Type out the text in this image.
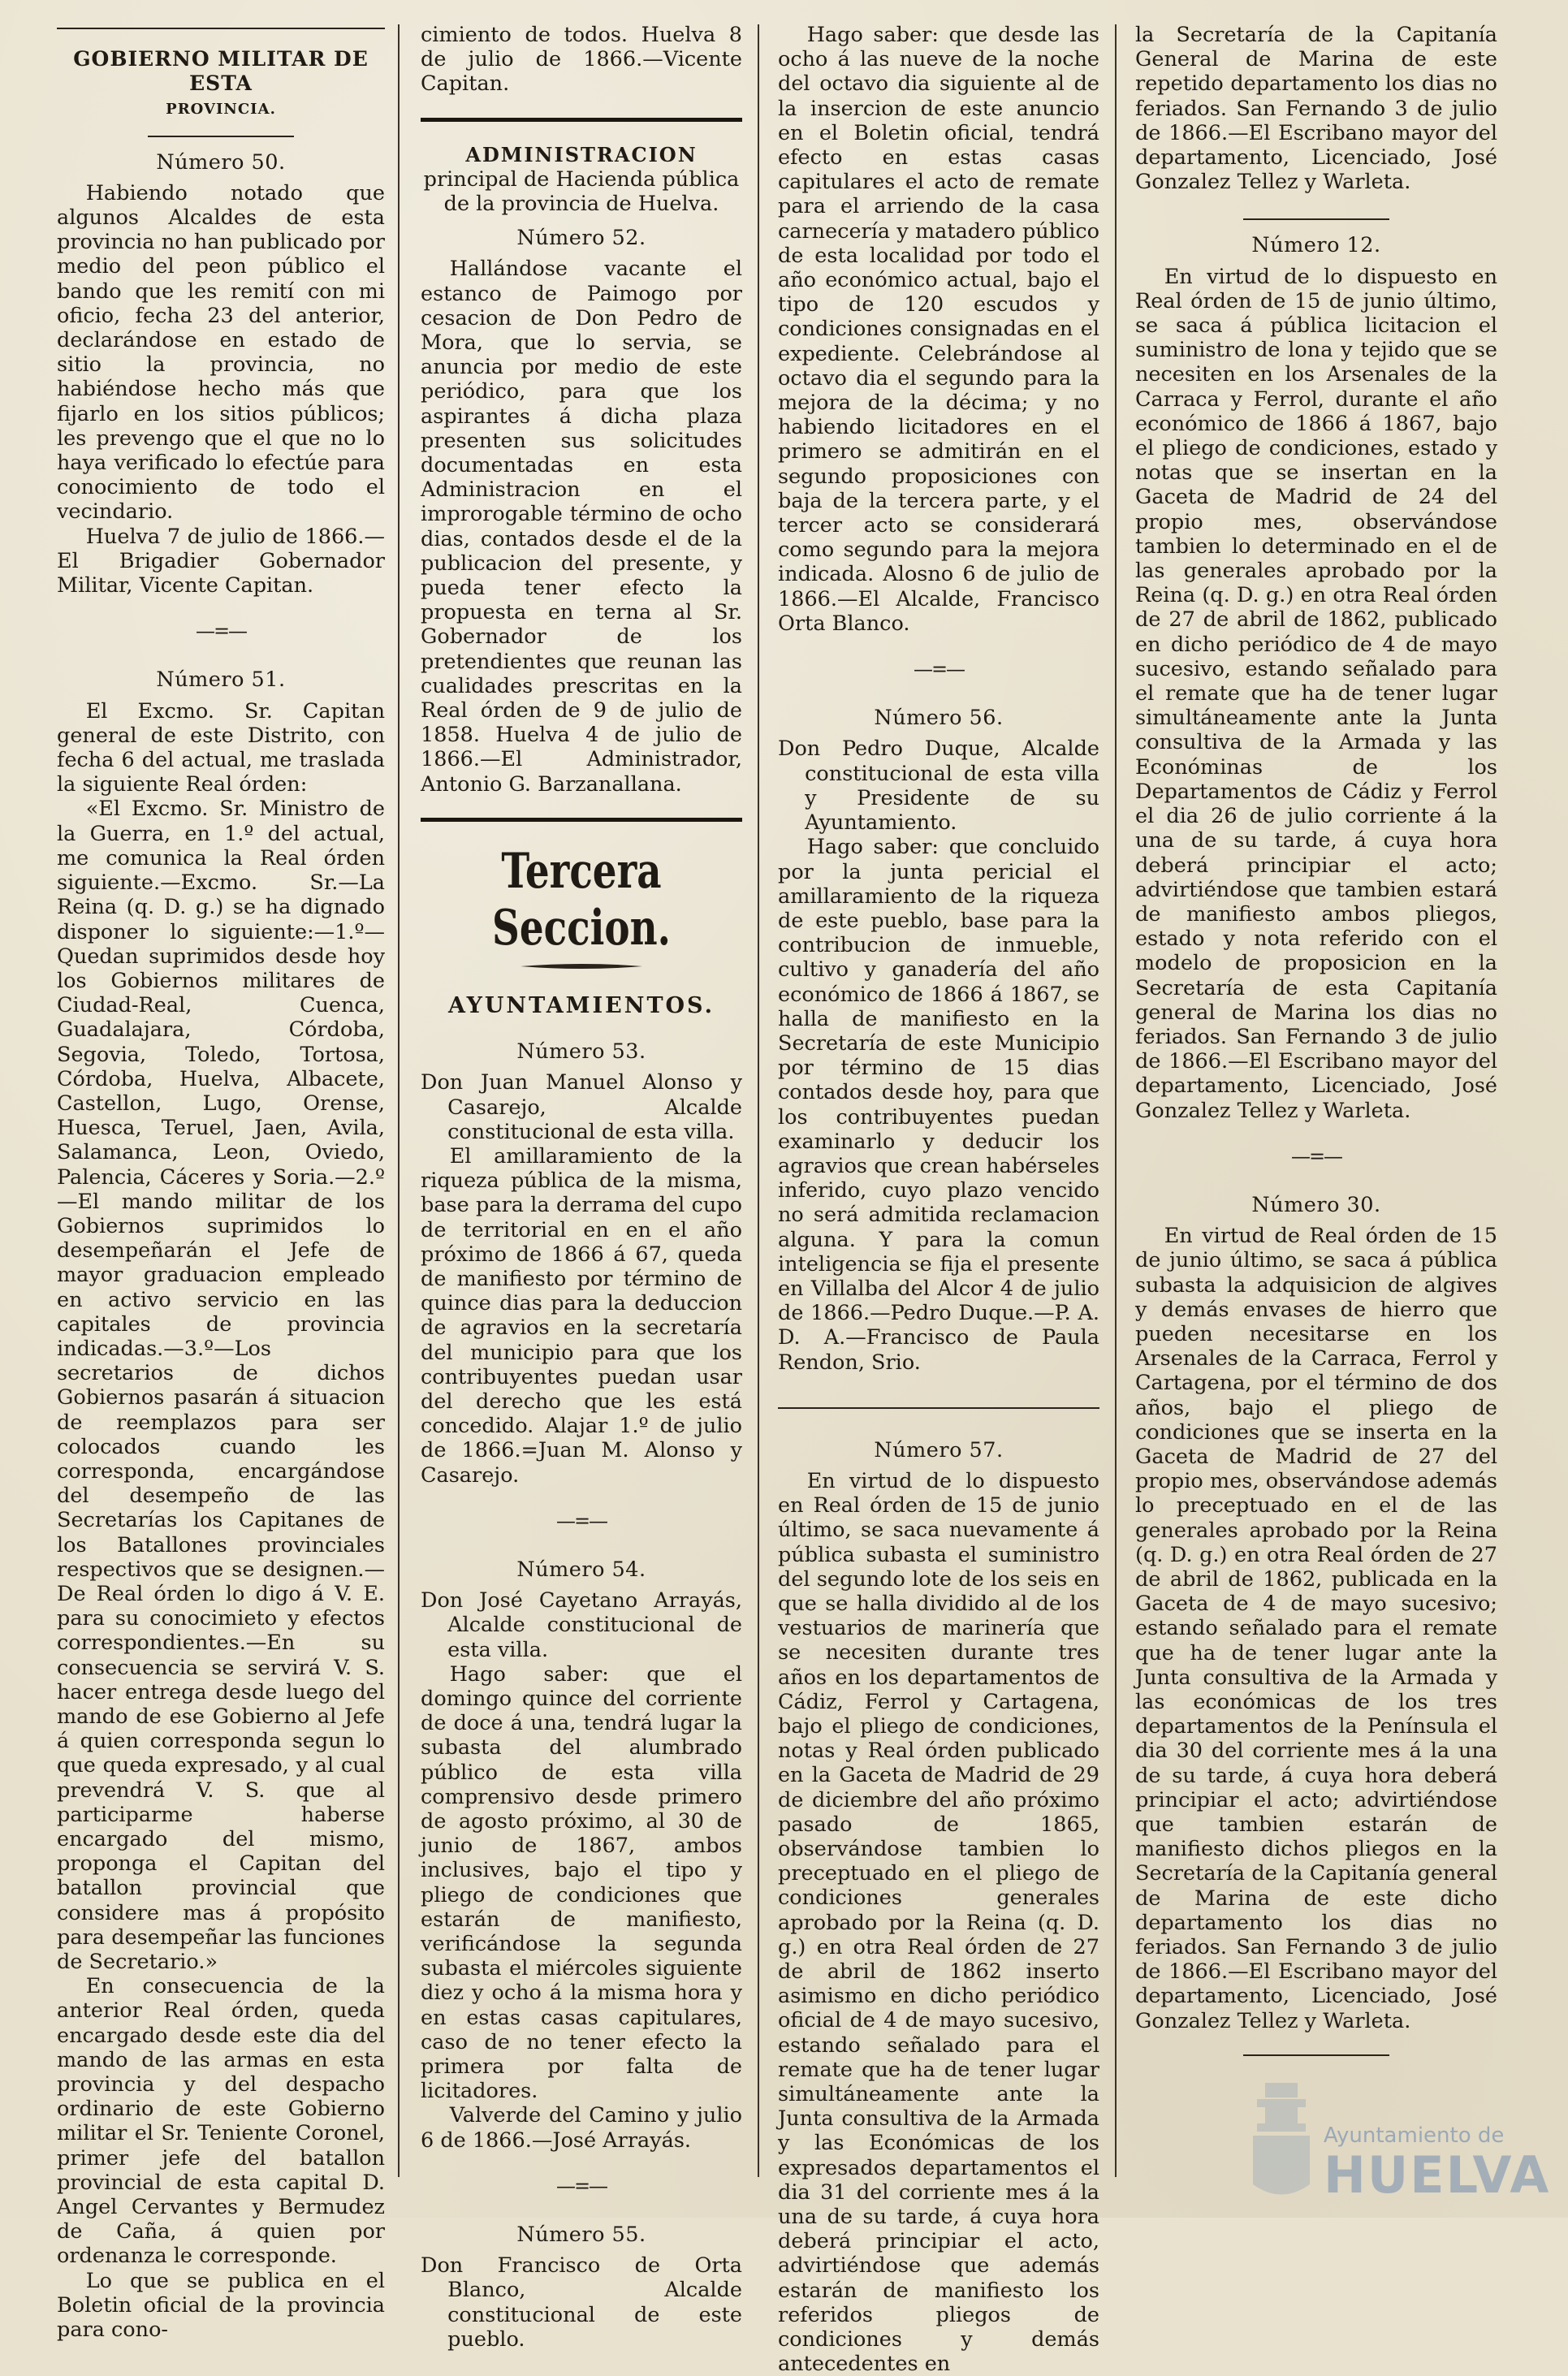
GOBIERNO MILITAR DE ESTA
PROVINCIA.

Número 50.

Habiendo notado que algunos Alcaldes de esta provincia no han publicado por medio del peon público el bando que les remití con mi oficio, fecha 23 del anterior, declarándose en estado de sitio la provincia, no habiéndose hecho más que fijarlo en los sitios públicos; les prevengo que el que no lo haya verificado lo efectúe para conocimiento de todo el vecindario.

Huelva 7 de julio de 1866.—El Brigadier Gobernador Militar, Vicente Capitan.

—=—

Número 51.

El Excmo. Sr. Capitan general de este Distrito, con fecha 6 del actual, me traslada la siguiente Real órden:

«El Excmo. Sr. Ministro de la Guerra, en 1.º del actual, me comunica la Real órden siguiente.—Excmo. Sr.—La Reina (q. D. g.) se ha dignado disponer lo siguiente:—1.º—Quedan suprimidos desde hoy los Gobiernos militares de Ciudad-Real, Cuenca, Guadalajara, Córdoba, Segovia, Toledo, Tortosa, Córdoba, Huelva, Albacete, Castellon, Lugo, Orense, Huesca, Teruel, Jaen, Avila, Salamanca, Leon, Oviedo, Palencia, Cáceres y Soria.—2.º—El mando militar de los Gobiernos suprimidos lo desempeñarán el Jefe de mayor graduacion empleado en activo servicio en las capitales de provincia indicadas.—3.º—Los secretarios de dichos Gobiernos pasarán á situacion de reemplazos para ser colocados cuando les corresponda, encargándose del desempeño de las Secretarías los Capitanes de los Batallones provinciales respectivos que se designen.—De Real órden lo digo á V. E. para su conocimieto y efectos correspondientes.—En su consecuencia se servirá V. S. hacer entrega desde luego del mando de ese Gobierno al Jefe á quien corresponda segun lo que queda expresado, y al cual prevendrá V. S. que al participarme haberse encargado del mismo, proponga el Capitan del batallon provincial que considere mas á propósito para desempeñar las funciones de Secretario.»

En consecuencia de la anterior Real órden, queda encargado desde este dia del mando de las armas en esta provincia y del despacho ordinario de este Gobierno militar el Sr. Teniente Coronel, primer jefe del batallon provincial de esta capital D. Angel Cervantes y Bermudez de Caña, á quien por ordenanza le corresponde.

Lo que se publica en el Boletin oficial de la provincia para cono-

cimiento de todos. Huelva 8 de julio de 1866.—Vicente Capitan.

ADMINISTRACION

principal de Hacienda pública de la provincia de Huelva.

Número 52.

Hallándose vacante el estanco de Paimogo por cesacion de Don Pedro de Mora, que lo servia, se anuncia por medio de este periódico, para que los aspirantes á dicha plaza presenten sus solicitudes documentadas en esta Administracion en el improrogable término de ocho dias, contados desde el de la publicacion del presente, y pueda tener efecto la propuesta en terna al Sr. Gobernador de los pretendientes que reunan las cualidades prescritas en la Real órden de 9 de julio de 1858. Huelva 4 de julio de 1866.—El Administrador, Antonio G. Barzanallana.

Tercera Seccion.
AYUNTAMIENTOS.

Número 53.

Don Juan Manuel Alonso y Casarejo, Alcalde constitucional de esta villa.

El amillaramiento de la riqueza pública de la misma, base para la derrama del cupo de territorial en en el año próximo de 1866 á 67, queda de manifiesto por término de quince dias para la deduccion de agravios en la secretaría del municipio para que los contribuyentes puedan usar del derecho que les está concedido. Alajar 1.º de julio de 1866.=Juan M. Alonso y Casarejo.

—=—

Número 54.

Don José Cayetano Arrayás, Alcalde constitucional de esta villa.

Hago saber: que el domingo quince del corriente de doce á una, tendrá lugar la subasta del alumbrado público de esta villa comprensivo desde primero de agosto próximo, al 30 de junio de 1867, ambos inclusives, bajo el tipo y pliego de condiciones que estarán de manifiesto, verificándose la segunda subasta el miércoles siguiente diez y ocho á la misma hora y en estas casas capitulares, caso de no tener efecto la primera por falta de licitadores.

Valverde del Camino y julio 6 de 1866.—José Arrayás.

—=—

Número 55.

Don Francisco de Orta Blanco, Alcalde constitucional de este pueblo.

Hago saber: que desde las ocho á las nueve de la noche del octavo dia siguiente al de la insercion de este anuncio en el Boletin oficial, tendrá efecto en estas casas capitulares el acto de remate para el arriendo de la casa carnecería y matadero público de esta localidad por todo el año económico actual, bajo el tipo de 120 escudos y condiciones consignadas en el expediente. Celebrándose al octavo dia el segundo para la mejora de la décima; y no habiendo licitadores en el primero se admitirán en el segundo proposiciones con baja de la tercera parte, y el tercer acto se considerará como segundo para la mejora indicada. Alosno 6 de julio de 1866.—El Alcalde, Francisco Orta Blanco.

—=—

Número 56.

Don Pedro Duque, Alcalde constitucional de esta villa y Presidente de su Ayuntamiento.

Hago saber: que concluido por la junta pericial el amillaramiento de la riqueza de este pueblo, base para la contribucion de inmueble, cultivo y ganadería del año económico de 1866 á 1867, se halla de manifiesto en la Secretaría de este Municipio por término de 15 dias contados desde hoy, para que los contribuyentes puedan examinarlo y deducir los agravios que crean habérseles inferido, cuyo plazo vencido no será admitida reclamacion alguna. Y para la comun inteligencia se fija el presente en Villalba del Alcor 4 de julio de 1866.—Pedro Duque.—P. A. D. A.—Francisco de Paula Rendon, Srio.

Número 57.

En virtud de lo dispuesto en Real órden de 15 de junio último, se saca nuevamente á pública subasta el suministro del segundo lote de los seis en que se halla dividido al de los vestuarios de marinería que se necesiten durante tres años en los departamentos de Cádiz, Ferrol y Cartagena, bajo el pliego de condiciones, notas y Real órden publicado en la Gaceta de Madrid de 29 de diciembre del año próximo pasado de 1865, observándose tambien lo preceptuado en el pliego de condiciones generales aprobado por la Reina (q. D. g.) en otra Real órden de 27 de abril de 1862 inserto asimismo en dicho periódico oficial de 4 de mayo sucesivo, estando señalado para el remate que ha de tener lugar simultáneamente ante la Junta consultiva de la Armada y las Económicas de los expresados departamentos el dia 31 del corriente mes á la una de su tarde, á cuya hora deberá principiar el acto, advirtiéndose que además estarán de manifiesto los referidos pliegos de condiciones y demás antecedentes en

la Secretaría de la Capitanía General de Marina de este repetido departamento los dias no feriados. San Fernando 3 de julio de 1866.—El Escribano mayor del departamento, Licenciado, José Gonzalez Tellez y Warleta.

Número 12.

En virtud de lo dispuesto en Real órden de 15 de junio último, se saca á pública licitacion el suministro de lona y tejido que se necesiten en los Arsenales de la Carraca y Ferrol, durante el año económico de 1866 á 1867, bajo el pliego de condiciones, estado y notas que se insertan en la Gaceta de Madrid de 24 del propio mes, observándose tambien lo determinado en el de las generales aprobado por la Reina (q. D. g.) en otra Real órden de 27 de abril de 1862, publicado en dicho periódico de 4 de mayo sucesivo, estando señalado para el remate que ha de tener lugar simultáneamente ante la Junta consultiva de la Armada y las Económinas de los Departamentos de Cádiz y Ferrol el dia 26 de julio corriente á la una de su tarde, á cuya hora deberá principiar el acto; advirtiéndose que tambien estará de manifiesto ambos pliegos, estado y nota referido con el modelo de proposicion en la Secretaría de esta Capitanía general de Marina los dias no feriados. San Fernando 3 de julio de 1866.—El Escribano mayor del departamento, Licenciado, José Gonzalez Tellez y Warleta.

—=—

Número 30.

En virtud de Real órden de 15 de junio último, se saca á pública subasta la adquisicion de algives y demás envases de hierro que pueden necesitarse en los Arsenales de la Carraca, Ferrol y Cartagena, por el término de dos años, bajo el pliego de condiciones que se inserta en la Gaceta de Madrid de 27 del propio mes, observándose además lo preceptuado en el de las generales aprobado por la Reina (q. D. g.) en otra Real órden de 27 de abril de 1862, publicada en la Gaceta de 4 de mayo sucesivo; estando señalado para el remate que ha de tener lugar ante la Junta consultiva de la Armada y las económicas de los tres departamentos de la Península el dia 30 del corriente mes á la una de su tarde, á cuya hora deberá principiar el acto; advirtiéndose que tambien estarán de manifiesto dichos pliegos en la Secretaría de la Capitanía general de Marina de este dicho departamento los dias no feriados. San Fernando 3 de julio de 1866.—El Escribano mayor del departamento, Licenciado, José Gonzalez Tellez y Warleta.

Ayuntamiento de
HUELVA
